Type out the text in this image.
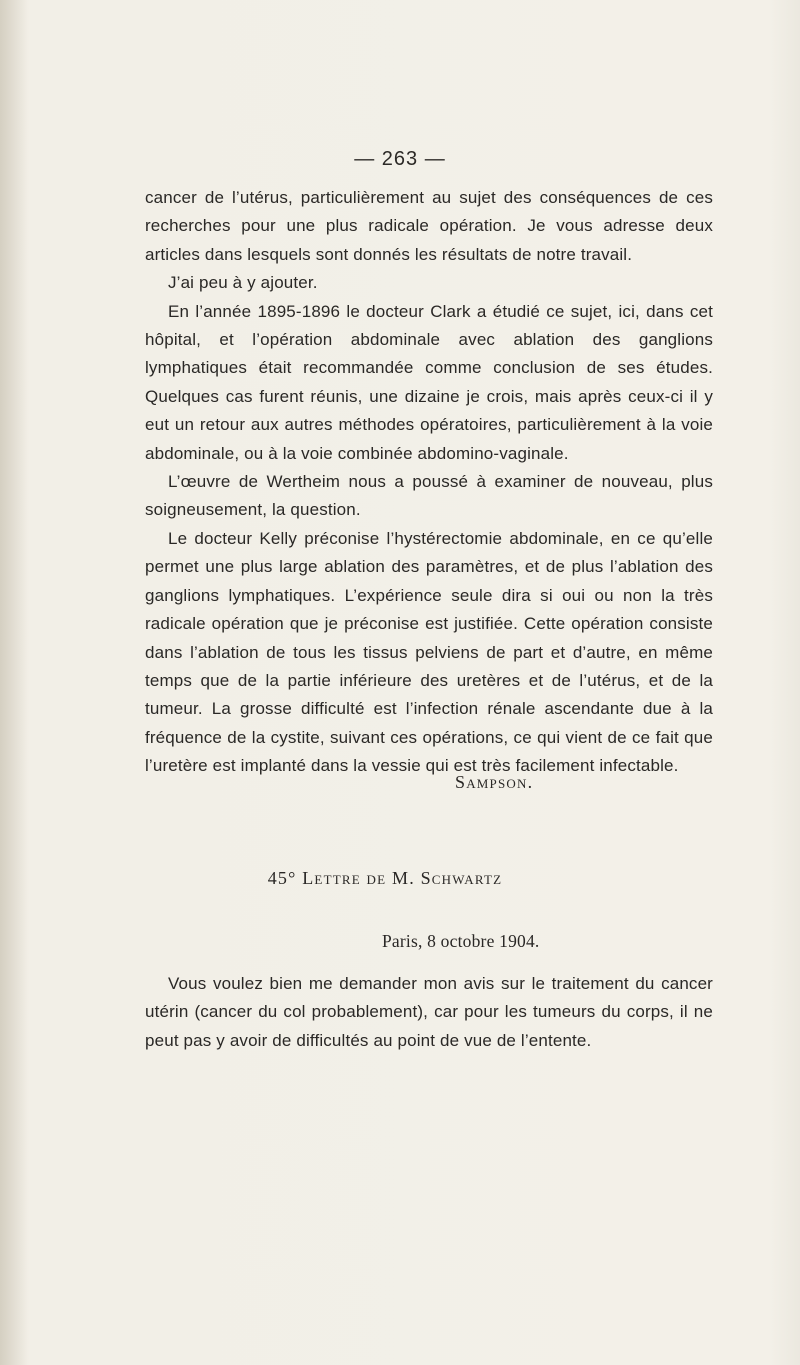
— 263 —

cancer de l’utérus, particulièrement au sujet des conséquences de ces recherches pour une plus radicale opération. Je vous adresse deux articles dans lesquels sont donnés les résultats de notre travail.

J’ai peu à y ajouter.

En l’année 1895-1896 le docteur Clark a étudié ce sujet, ici, dans cet hôpital, et l’opération abdominale avec ablation des ganglions lymphatiques était recommandée comme conclusion de ses études. Quelques cas furent réunis, une dizaine je crois, mais après ceux-ci il y eut un retour aux autres méthodes opératoires, particulièrement à la voie abdominale, ou à la voie combinée abdomino-vaginale.

L’œuvre de Wertheim nous a poussé à examiner de nouveau, plus soigneusement, la question.

Le docteur Kelly préconise l’hystérectomie abdominale, en ce qu’elle permet une plus large ablation des paramètres, et de plus l’ablation des ganglions lymphatiques. L’expérience seule dira si oui ou non la très radicale opération que je préconise est justifiée. Cette opération consiste dans l’ablation de tous les tissus pelviens de part et d’autre, en même temps que de la partie inférieure des uretères et de l’utérus, et de la tumeur. La grosse difficulté est l’infection rénale ascendante due à la fréquence de la cystite, suivant ces opérations, ce qui vient de ce fait que l’uretère est implanté dans la vessie qui est très facilement infectable.

Sampson.
45° Lettre de M. Schwartz
Paris, 8 octobre 1904.

Vous voulez bien me demander mon avis sur le traitement du cancer utérin (cancer du col probablement), car pour les tumeurs du corps, il ne peut pas y avoir de difficultés au point de vue de l’entente.
